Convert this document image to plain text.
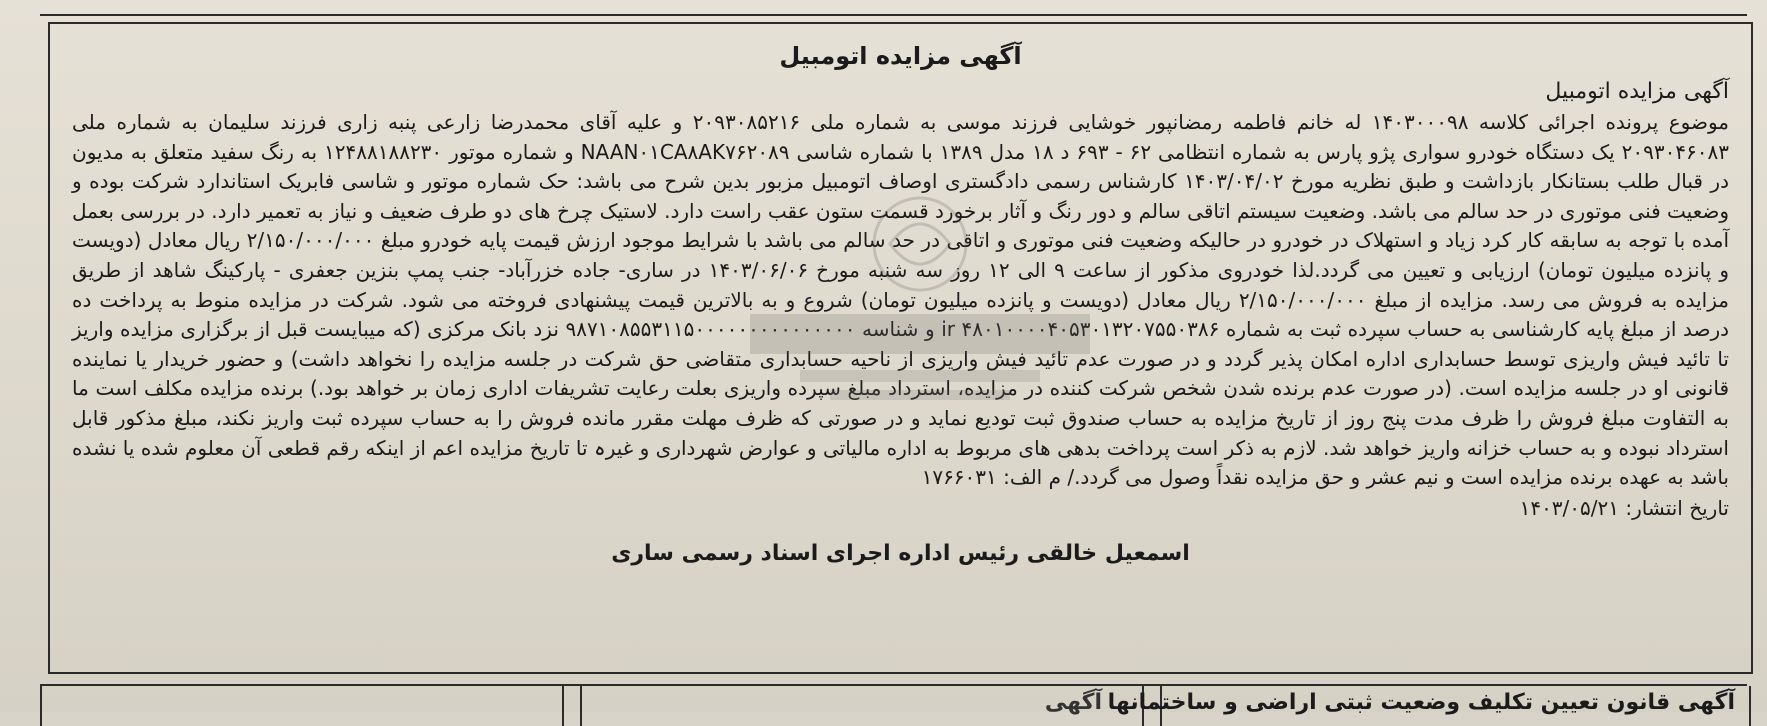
آگهی مزایده اتومبیل

آگهی مزایده اتومبیل

موضوع پرونده اجرائی کلاسه ۱۴۰۳۰۰۰۹۸ له خانم فاطمه رمضانپور خوشایی فرزند موسی به شماره ملی ۲۰۹۳۰۸۵۲۱۶ و علیه آقای محمدرضا زارعی پنبه زاری فرزند سلیمان به شماره ملی ۲۰۹۳۰۴۶۰۸۳ یک دستگاه خودرو سواری پژو پارس به شماره انتظامی ۶۲ - ۶۹۳ د ۱۸ مدل ۱۳۸۹ با شماره شاسی NAAN۰۱CA۸AK۷۶۲۰۸۹ و شماره موتور ۱۲۴۸۸۱۸۸۲۳۰ به رنگ سفید متعلق به مدیون در قبال طلب بستانکار بازداشت و طبق نظریه مورخ ۱۴۰۳/۰۴/۰۲ کارشناس رسمی دادگستری اوصاف اتومبیل مزبور بدین شرح می باشد: حک شماره موتور و شاسی فابریک استاندارد شرکت بوده و وضعیت فنی موتوری در حد سالم می باشد. وضعیت سیستم اتاقی سالم و دور رنگ و آثار برخورد قسمت ستون عقب راست دارد. لاستیک چرخ های دو طرف ضعیف و نیاز به تعمیر دارد. در بررسی بعمل آمده با توجه به سابقه کار کرد زیاد و استهلاک در خودرو در حالیکه وضعیت فنی موتوری و اتاقی در حد سالم می باشد با شرایط موجود ارزش قیمت پایه خودرو مبلغ ۲/۱۵۰/۰۰۰/۰۰۰ ریال معادل (دویست و پانزده میلیون تومان) ارزیابی و تعیین می گردد.لذا خودروی مذکور از ساعت ۹ الی ۱۲ روز سه شنبه مورخ ۱۴۰۳/۰۶/۰۶ در ساری- جاده خزرآباد- جنب پمپ بنزین جعفری - پارکینگ شاهد از طریق مزایده به فروش می رسد. مزایده از مبلغ ۲/۱۵۰/۰۰۰/۰۰۰ ریال معادل (دویست و پانزده میلیون تومان) شروع و به بالاترین قیمت پیشنهادی فروخته می شود. شرکت در مزایده منوط به پرداخت ده درصد از مبلغ پایه کارشناسی به حساب سپرده ثبت به شماره ir ۴۸۰۱۰۰۰۰۴۰۵۳۰۱۳۲۰۷۵۵۰۳۸۶ و شناسه ۹۸۷۱۰۸۵۵۳۱۱۵۰۰۰۰۰۰۰۰۰۰۰۰۰۰۰ نزد بانک مرکزی (که میبایست قبل از برگزاری مزایده واریز تا تائید فیش واریزی توسط حسابداری اداره امکان پذیر گردد و در صورت عدم تائید فیش واریزی از ناحیه حسابداری متقاضی حق شرکت در جلسه مزایده را نخواهد داشت) و حضور خریدار یا نماینده قانونی او در جلسه مزایده است. (در صورت عدم برنده شدن شخص شرکت کننده در مزایده، استرداد مبلغ سپرده واریزی بعلت رعایت تشریفات اداری زمان بر خواهد بود.) برنده مزایده مکلف است ما به التفاوت مبلغ فروش را ظرف مدت پنج روز از تاریخ مزایده به حساب صندوق ثبت تودیع نماید و در صورتی که ظرف مهلت مقرر مانده فروش را به حساب سپرده ثبت واریز نکند، مبلغ مذکور قابل استرداد نبوده و به حساب خزانه واریز خواهد شد. لازم به ذکر است پرداخت بدهی های مربوط به اداره مالیاتی و عوارض شهرداری و غیرہ تا تاریخ مزایده اعم از اینکه رقم قطعی آن معلوم شده یا نشده باشد به عهده برنده مزایده است و نیم عشر و حق مزایده نقداً وصول می گردد./ م الف: ۱۷۶۶۰۳۱

تاریخ انتشار: ۱۴۰۳/۰۵/۲۱

اسمعیل خالقی رئیس اداره اجرای اسناد رسمی ساری
آگهی آگهی قانون تعیین تکلیف وضعیت ثبتی اراضی و ساختمانها
